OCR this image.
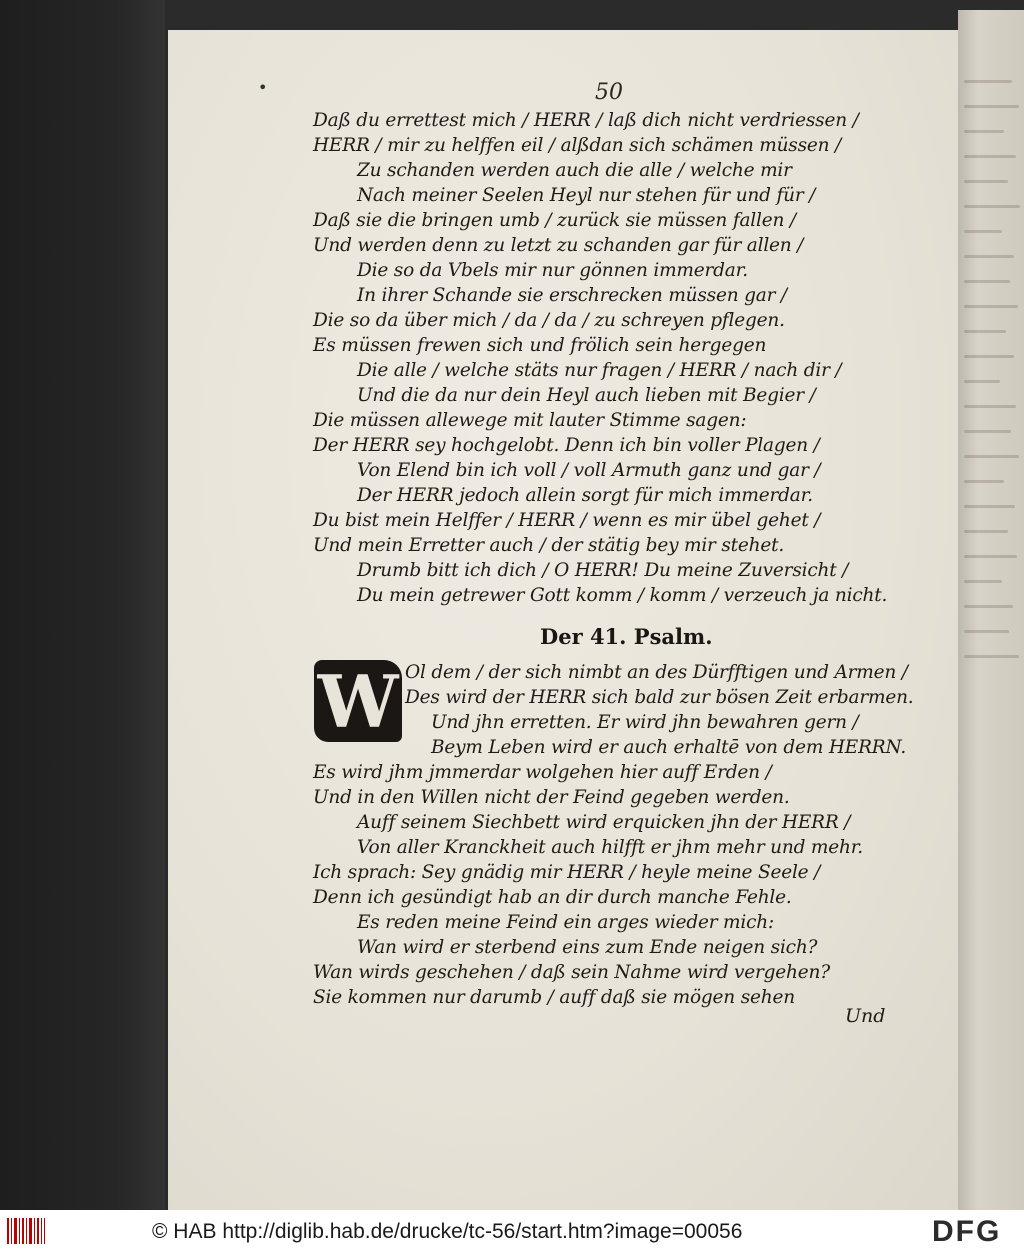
•	50
Daß du errettest mich / HERR / laß dich nicht verdriessen /
HERR / mir zu helffen eil / alßdan sich schämen müssen /
Zu schanden werden auch die alle / welche mir
Nach meiner Seelen Heyl nur stehen für und für /
Daß sie die bringen umb / zurück sie müssen fallen /
Und werden denn zu letzt zu schanden gar für allen /
Die so da Vbels mir nur gönnen immerdar.
In ihrer Schande sie erschrecken müssen gar /
Die so da über mich / da / da / zu schreyen pflegen.
Es müssen frewen sich und frölich sein hergegen
Die alle / welche stäts nur fragen / HERR / nach dir /
Und die da nur dein Heyl auch lieben mit Begier /
Die müssen allewege mit lauter Stimme sagen:
Der HERR sey hochgelobt. Denn ich bin voller Plagen /
Von Elend bin ich voll / voll Armuth ganz und gar /
Der HERR jedoch allein sorgt für mich immerdar.
Du bist mein Helffer / HERR / wenn es mir übel gehet /
Und mein Erretter auch / der stätig bey mir stehet.
Drumb bitt ich dich / O HERR! Du meine Zuversicht /
Du mein getrewer Gott komm / komm / verzeuch ja nicht.
Der 41. Psalm.
W Ol dem / der sich nimbt an des Dürfftigen und Armen /
Des wird der HERR sich bald zur bösen Zeit erbarmen.
Und jhn erretten. Er wird jhn bewahren gern /
Beym Leben wird er auch erhaltē von dem HERRN.
Es wird jhm jmmerdar wolgehen hier auff Erden /
Und in den Willen nicht der Feind gegeben werden.
Auff seinem Siechbett wird erquicken jhn der HERR /
Von aller Kranckheit auch hilfft er jhm mehr und mehr.
Ich sprach: Sey gnädig mir HERR / heyle meine Seele /
Denn ich gesündigt hab an dir durch manche Fehle.
Es reden meine Feind ein arges wieder mich:
Wan wird er sterbend eins zum Ende neigen sich?
Wan wirds geschehen / daß sein Nahme wird vergehen?
Sie kommen nur darumb / auff daß sie mögen sehen
Und
© HAB http://diglib.hab.de/drucke/tc-56/start.htm?image=00056	DFG
